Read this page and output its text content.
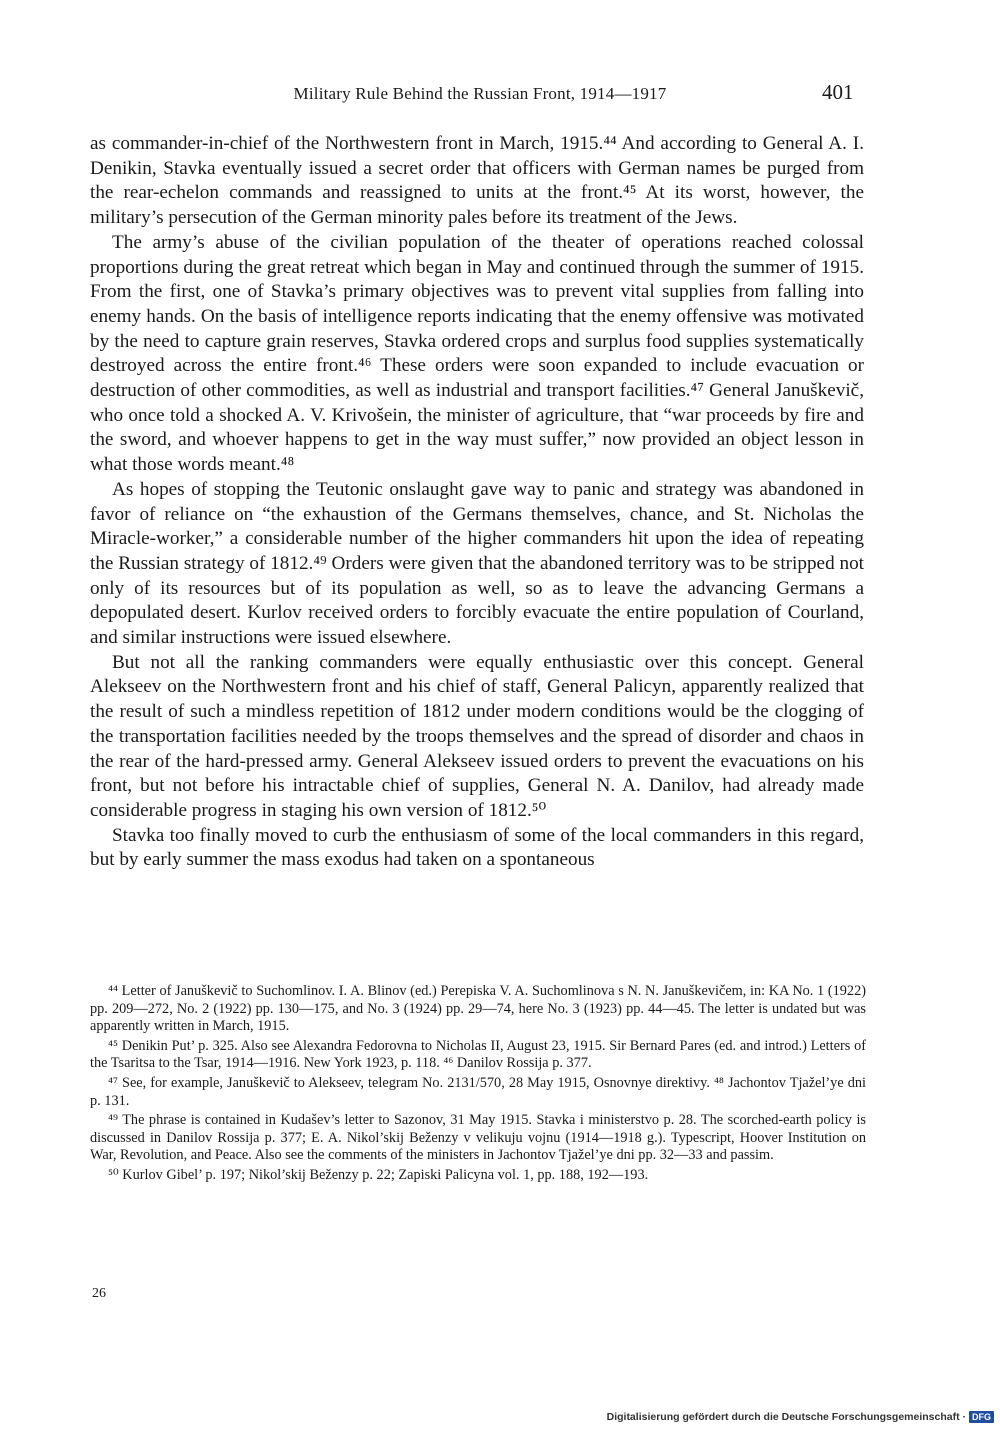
Military Rule Behind the Russian Front, 1914—1917	401

as commander-in-chief of the Northwestern front in March, 1915.⁴⁴ And according to General A. I. Denikin, Stavka eventually issued a secret order that officers with German names be purged from the rear-echelon commands and reassigned to units at the front.⁴⁵ At its worst, however, the military’s persecution of the German minority pales before its treatment of the Jews.

The army’s abuse of the civilian population of the theater of operations reached colossal proportions during the great retreat which began in May and continued through the summer of 1915. From the first, one of Stavka’s primary objectives was to prevent vital supplies from falling into enemy hands. On the basis of intelligence reports indicating that the enemy offensive was motivated by the need to capture grain reserves, Stavka ordered crops and surplus food supplies systematically destroyed across the entire front.⁴⁶ These orders were soon expanded to include evacuation or destruction of other commodities, as well as industrial and transport facilities.⁴⁷ General Januškevič, who once told a shocked A. V. Krivošein, the minister of agriculture, that “war proceeds by fire and the sword, and whoever happens to get in the way must suffer,” now provided an object lesson in what those words meant.⁴⁸

As hopes of stopping the Teutonic onslaught gave way to panic and strategy was abandoned in favor of reliance on “the exhaustion of the Germans themselves, chance, and St. Nicholas the Miracle-worker,” a considerable number of the higher commanders hit upon the idea of repeating the Russian strategy of 1812.⁴⁹ Orders were given that the abandoned territory was to be stripped not only of its resources but of its population as well, so as to leave the advancing Germans a depopulated desert. Kurlov received orders to forcibly evacuate the entire population of Courland, and similar instructions were issued elsewhere.

But not all the ranking commanders were equally enthusiastic over this concept. General Alekseev on the Northwestern front and his chief of staff, General Palicyn, apparently realized that the result of such a mindless repetition of 1812 under modern conditions would be the clogging of the transportation facilities needed by the troops themselves and the spread of disorder and chaos in the rear of the hard-pressed army. General Alekseev issued orders to prevent the evacuations on his front, but not before his intractable chief of supplies, General N. A. Danilov, had already made considerable progress in staging his own version of 1812.⁵⁰

Stavka too finally moved to curb the enthusiasm of some of the local commanders in this regard, but by early summer the mass exodus had taken on a spontaneous

⁴⁴ Letter of Januškevič to Suchomlinov. I. A. Blinov (ed.) Perepiska V. A. Suchomlinova s N. N. Januškevičem, in: KA No. 1 (1922) pp. 209—272, No. 2 (1922) pp. 130—175, and No. 3 (1924) pp. 29—74, here No. 3 (1923) pp. 44—45. The letter is undated but was apparently written in March, 1915.

⁴⁵ Denikin Put’ p. 325. Also see Alexandra Fedorovna to Nicholas II, August 23, 1915. Sir Bernard Pares (ed. and introd.) Letters of the Tsaritsa to the Tsar, 1914—1916. New York 1923, p. 118. ⁴⁶ Danilov Rossija p. 377.

⁴⁷ See, for example, Januškevič to Alekseev, telegram No. 2131/570, 28 May 1915, Osnovnye direktivy. ⁴⁸ Jachontov Tjažel’ye dni p. 131.

⁴⁹ The phrase is contained in Kudašev’s letter to Sazonov, 31 May 1915. Stavka i ministerstvo p. 28. The scorched-earth policy is discussed in Danilov Rossija p. 377; E. A. Nikol’skij Beženzy v velikuju vojnu (1914—1918 g.). Typescript, Hoover Institution on War, Revolution, and Peace. Also see the comments of the ministers in Jachontov Tjažel’ye dni pp. 32—33 and passim.

⁵⁰ Kurlov Gibel’ p. 197; Nikol’skij Beženzy p. 22; Zapiski Palicyna vol. 1, pp. 188, 192—193.

26
Digitalisierung gefördert durch die Deutsche Forschungsgemeinschaft · DFG
